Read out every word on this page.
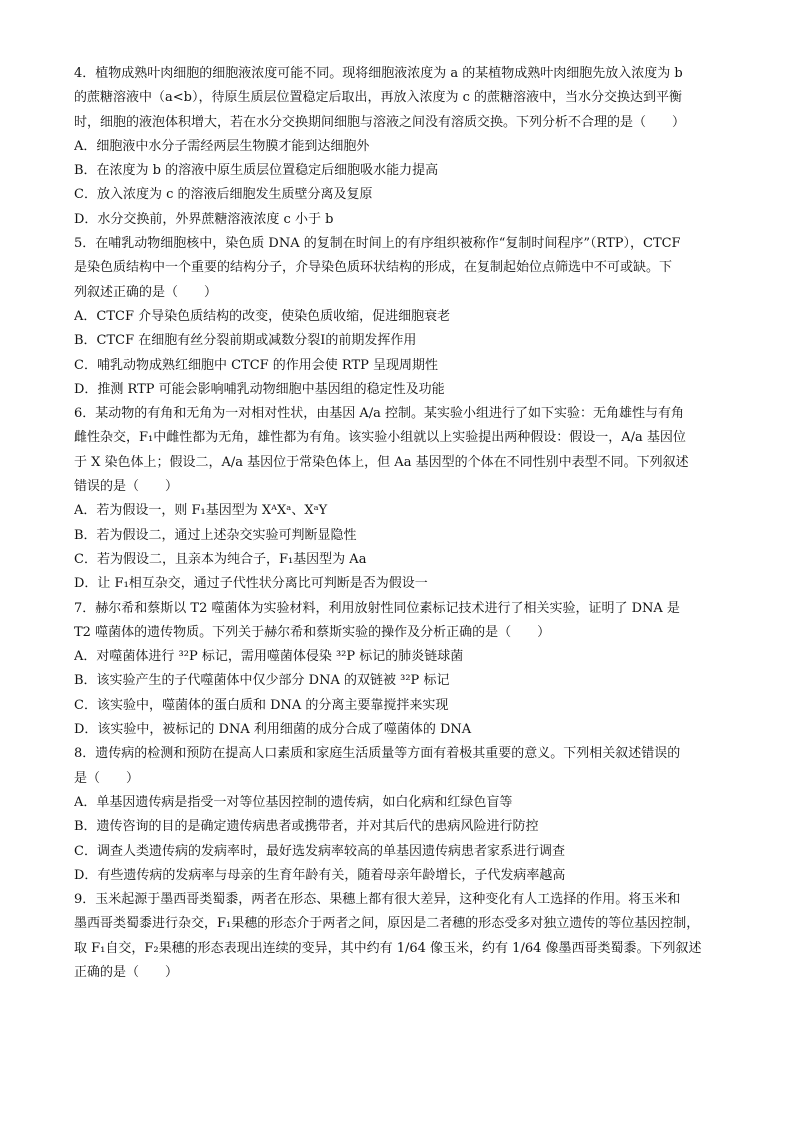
4．植物成熟叶肉细胞的细胞液浓度可能不同。现将细胞液浓度为 a 的某植物成熟叶肉细胞先放入浓度为 b
的蔗糖溶液中（a<b），待原生质层位置稳定后取出，再放入浓度为 c 的蔗糖溶液中，当水分交换达到平衡
时，细胞的液泡体积增大，若在水分交换期间细胞与溶液之间没有溶质交换。下列分析不合理的是（　　）
A．细胞液中水分子需经两层生物膜才能到达细胞外
B．在浓度为 b 的溶液中原生质层位置稳定后细胞吸水能力提高
C．放入浓度为 c 的溶液后细胞发生质壁分离及复原
D．水分交换前，外界蔗糖溶液浓度 c 小于 b
5．在哺乳动物细胞核中，染色质 DNA 的复制在时间上的有序组织被称作“复制时间程序”（RTP），CTCF
是染色质结构中一个重要的结构分子，介导染色质环状结构的形成，在复制起始位点筛选中不可或缺。下
列叙述正确的是（　　）
A．CTCF 介导染色质结构的改变，使染色质收缩，促进细胞衰老
B．CTCF 在细胞有丝分裂前期或减数分裂Ⅰ的前期发挥作用
C．哺乳动物成熟红细胞中 CTCF 的作用会使 RTP 呈现周期性
D．推测 RTP 可能会影响哺乳动物细胞中基因组的稳定性及功能
6．某动物的有角和无角为一对相对性状，由基因 A/a 控制。某实验小组进行了如下实验：无角雄性与有角
雌性杂交，F₁中雌性都为无角，雄性都为有角。该实验小组就以上实验提出两种假设：假设一，A/a 基因位
于 X 染色体上；假设二，A/a 基因位于常染色体上，但 Aa 基因型的个体在不同性别中表型不同。下列叙述
错误的是（　　）
A．若为假设一，则 F₁基因型为 XᴬXᵃ、XᵃY
B．若为假设二，通过上述杂交实验可判断显隐性
C．若为假设二，且亲本为纯合子，F₁基因型为 Aa
D．让 F₁相互杂交，通过子代性状分离比可判断是否为假设一
7．赫尔希和蔡斯以 T2 噬菌体为实验材料，利用放射性同位素标记技术进行了相关实验，证明了 DNA 是
T2 噬菌体的遗传物质。下列关于赫尔希和蔡斯实验的操作及分析正确的是（　　）
A．对噬菌体进行 ³²P 标记，需用噬菌体侵染 ³²P 标记的肺炎链球菌
B．该实验产生的子代噬菌体中仅少部分 DNA 的双链被 ³²P 标记
C．该实验中，噬菌体的蛋白质和 DNA 的分离主要靠搅拌来实现
D．该实验中，被标记的 DNA 利用细菌的成分合成了噬菌体的 DNA
8．遗传病的检测和预防在提高人口素质和家庭生活质量等方面有着极其重要的意义。下列相关叙述错误的
是（　　）
A．单基因遗传病是指受一对等位基因控制的遗传病，如白化病和红绿色盲等
B．遗传咨询的目的是确定遗传病患者或携带者，并对其后代的患病风险进行防控
C．调查人类遗传病的发病率时，最好选发病率较高的单基因遗传病患者家系进行调查
D．有些遗传病的发病率与母亲的生育年龄有关，随着母亲年龄增长，子代发病率越高
9．玉米起源于墨西哥类蜀黍，两者在形态、果穗上都有很大差异，这种变化有人工选择的作用。将玉米和
墨西哥类蜀黍进行杂交，F₁果穗的形态介于两者之间，原因是二者穗的形态受多对独立遗传的等位基因控制，
取 F₁自交，F₂果穗的形态表现出连续的变异，其中约有 1/64 像玉米，约有 1/64 像墨西哥类蜀黍。下列叙述
正确的是（　　）
